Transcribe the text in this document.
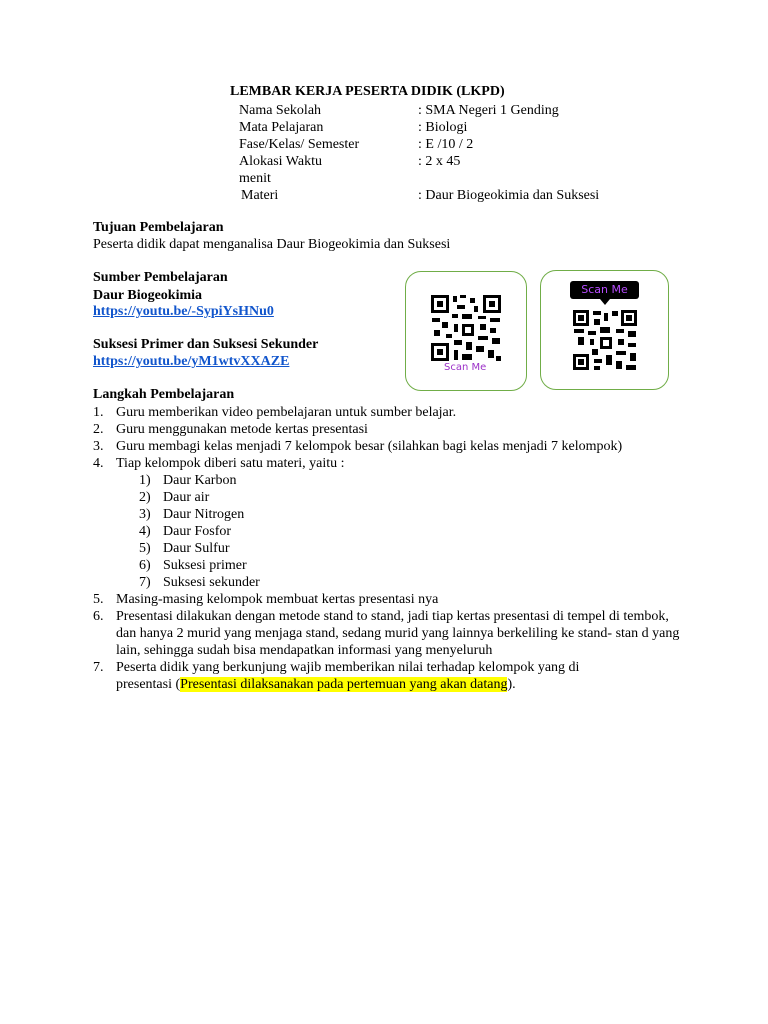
LEMBAR KERJA PESERTA DIDIK (LKPD)
Nama Sekolah	: SMA Negeri 1 Gending
Mata Pelajaran	: Biologi
Fase/Kelas/ Semester	: E /10 / 2
Alokasi Waktu	: 2 x 45
menit
Materi	: Daur Biogeokimia dan Suksesi
Tujuan Pembelajaran
Peserta didik dapat menganalisa Daur Biogeokimia dan Suksesi
Sumber Pembelajaran
Daur Biogeokimia
https://youtu.be/-SypiYsHNu0
Suksesi Primer dan Suksesi Sekunder
https://youtu.be/yM1wtvXXAZE	Scan Me
Scan Me
Langkah Pembelajaran
1. Guru memberikan video pembelajaran untuk sumber belajar.
2. Guru menggunakan metode kertas presentasi
3. Guru membagi kelas menjadi 7 kelompok besar (silahkan bagi kelas menjadi 7 kelompok)
4. Tiap kelompok diberi satu materi, yaitu :
1) Daur Karbon
2) Daur air
3) Daur Nitrogen
4) Daur Fosfor
5) Daur Sulfur
6) Suksesi primer
7) Suksesi sekunder
5. Masing-masing kelompok membuat kertas presentasi nya
6. Presentasi dilakukan dengan metode stand to stand, jadi tiap kertas presentasi di tempel di tembok, dan hanya 2 murid yang menjaga stand, sedang murid yang lainnya berkeliling ke stand- stan d yang lain, sehingga sudah bisa mendapatkan informasi yang menyeluruh
7. Peserta didik yang berkunjung wajib memberikan nilai terhadap kelompok yang di presentasi (Presentasi dilaksanakan pada pertemuan yang akan datang).
